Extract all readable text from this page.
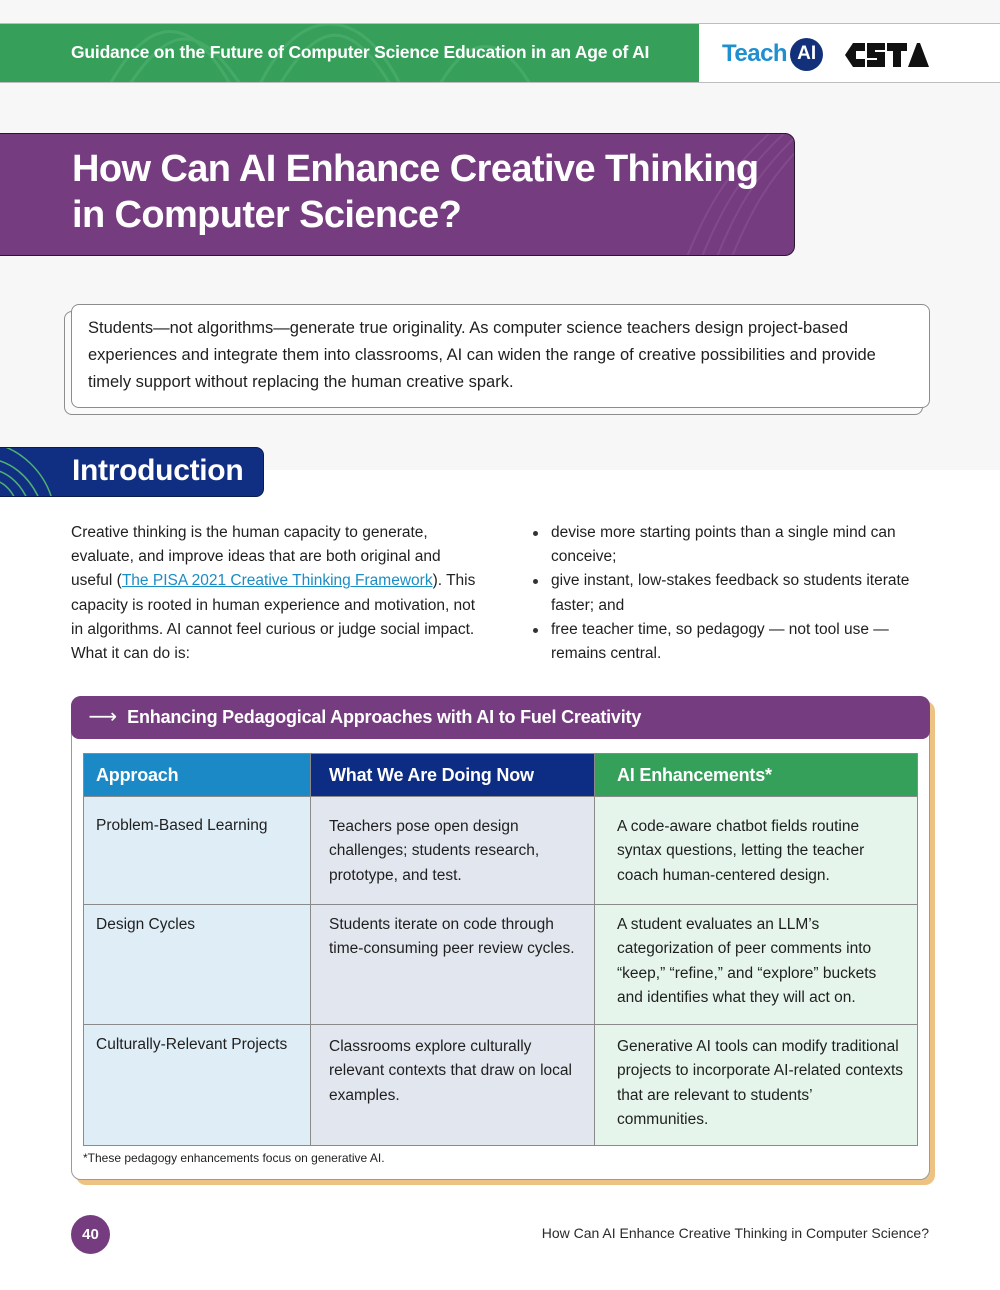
Guidance on the Future of Computer Science Education in an Age of AI	Teach AI
How Can AI Enhance Creative Thinking in Computer Science?

Students—not algorithms—generate true originality. As computer science teachers design project-based experiences and integrate them into classrooms, AI can widen the range of creative possibilities and provide timely support without replacing the human creative spark.

Introduction

Creative thinking is the human capacity to generate, evaluate, and improve ideas that are both original and useful (The PISA 2021 Creative Thinking Framework). This capacity is rooted in human experience and motivation, not in algorithms. AI cannot feel curious or judge social impact. What it can do is:

devise more starting points than a single mind can conceive;
give instant, low-stakes feedback so students iterate faster; and
free teacher time, so pedagogy — not tool use — remains central.
⟶ Enhancing Pedagogical Approaches with AI to Fuel Creativity
Approach	What We Are Doing Now	AI Enhancements*
Problem-Based Learning	Teachers pose open design challenges; students research, prototype, and test.	A code-aware chatbot fields routine syntax questions, letting the teacher coach human-centered design.
Design Cycles	Students iterate on code through time-consuming peer review cycles.	A student evaluates an LLM’s categorization of peer comments into “keep,” “refine,” and “explore” buckets and identifies what they will act on.
Culturally-Relevant Projects	Classrooms explore culturally relevant contexts that draw on local examples.	Generative AI tools can modify traditional projects to incorporate AI-related contexts that are relevant to students’ communities.
*These pedagogy enhancements focus on generative AI.
40	How Can AI Enhance Creative Thinking in Computer Science?
